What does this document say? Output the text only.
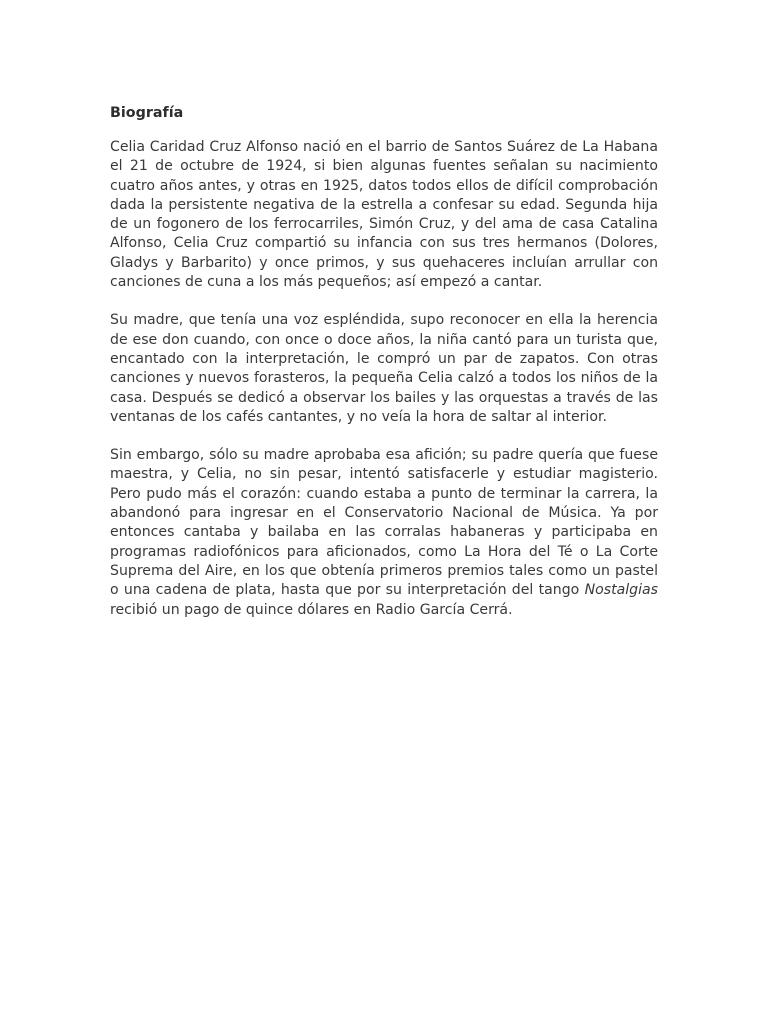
Biografía

Celia Caridad Cruz Alfonso nació en el barrio de Santos Suárez de La Habana el 21 de octubre de 1924, si bien algunas fuentes señalan su nacimiento cuatro años antes, y otras en 1925, datos todos ellos de difícil comprobación dada la persistente negativa de la estrella a confesar su edad. Segunda hija de un fogonero de los ferrocarriles, Simón Cruz, y del ama de casa Catalina Alfonso, Celia Cruz compartió su infancia con sus tres hermanos (Dolores, Gladys y Barbarito) y once primos, y sus quehaceres incluían arrullar con canciones de cuna a los más pequeños; así empezó a cantar.

Su madre, que tenía una voz espléndida, supo reconocer en ella la herencia de ese don cuando, con once o doce años, la niña cantó para un turista que, encantado con la interpretación, le compró un par de zapatos. Con otras canciones y nuevos forasteros, la pequeña Celia calzó a todos los niños de la casa. Después se dedicó a observar los bailes y las orquestas a través de las ventanas de los cafés cantantes, y no veía la hora de saltar al interior.

Sin embargo, sólo su madre aprobaba esa afición; su padre quería que fuese maestra, y Celia, no sin pesar, intentó satisfacerle y estudiar magisterio. Pero pudo más el corazón: cuando estaba a punto de terminar la carrera, la abandonó para ingresar en el Conservatorio Nacional de Música. Ya por entonces cantaba y bailaba en las corralas habaneras y participaba en programas radiofónicos para aficionados, como La Hora del Té o La Corte Suprema del Aire, en los que obtenía primeros premios tales como un pastel o una cadena de plata, hasta que por su interpretación del tango Nostalgias recibió un pago de quince dólares en Radio García Cerrá.
